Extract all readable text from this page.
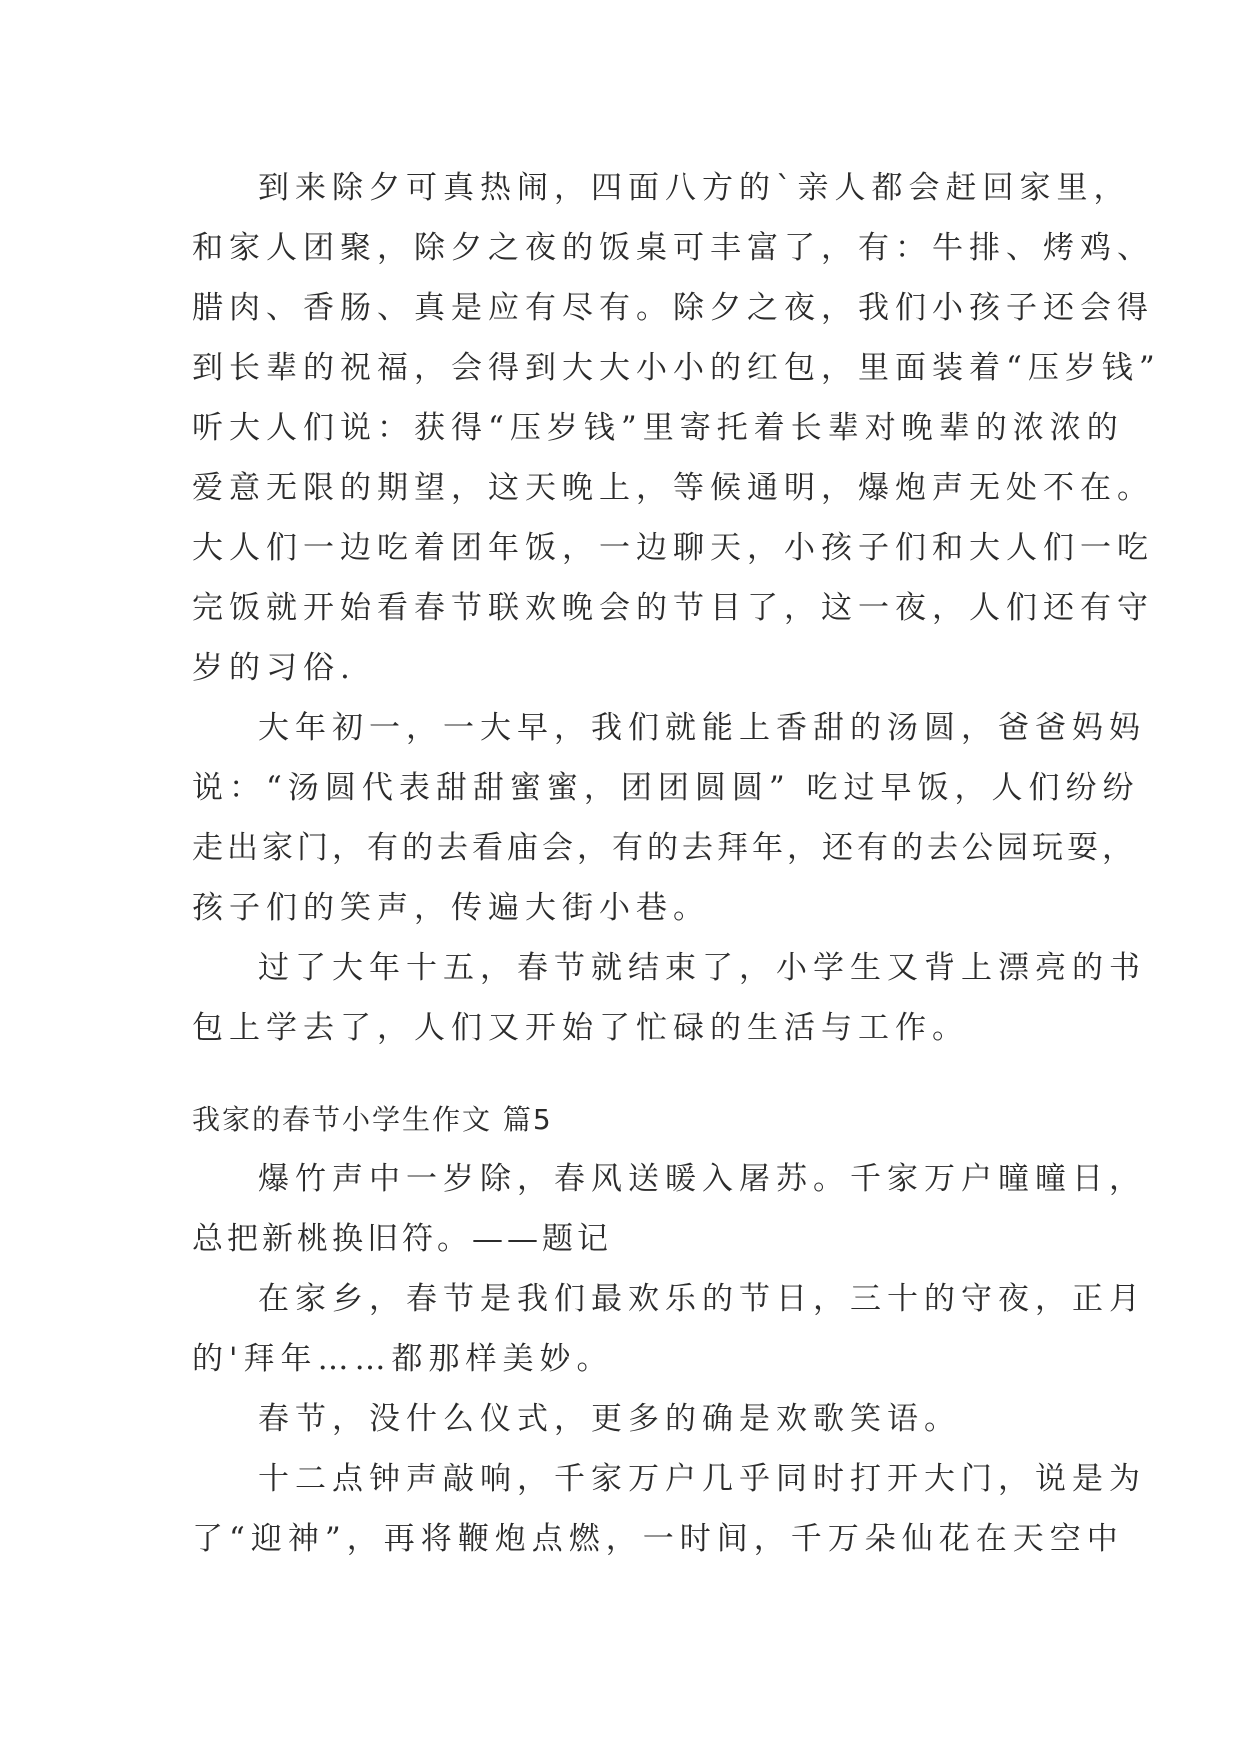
到来除夕可真热闹，四面八方的`亲人都会赶回家里，
和家人团聚，除夕之夜的饭桌可丰富了，有：牛排、烤鸡、
腊肉、香肠、真是应有尽有。除夕之夜，我们小孩子还会得
到长辈的祝福，会得到大大小小的红包，里面装着“压岁钱”
听大人们说：获得“压岁钱”里寄托着长辈对晚辈的浓浓的
爱意无限的期望，这天晚上，等候通明，爆炮声无处不在。
大人们一边吃着团年饭，一边聊天，小孩子们和大人们一吃
完饭就开始看春节联欢晚会的节目了，这一夜，人们还有守
岁的习俗.
大年初一，一大早，我们就能上香甜的汤圆，爸爸妈妈
说：“汤圆代表甜甜蜜蜜，团团圆圆” 吃过早饭，人们纷纷
走出家门，有的去看庙会，有的去拜年，还有的去公园玩耍，
孩子们的笑声，传遍大街小巷。
过了大年十五，春节就结束了，小学生又背上漂亮的书
包上学去了，人们又开始了忙碌的生活与工作。
我家的春节小学生作文 篇5
爆竹声中一岁除，春风送暖入屠苏。千家万户曈曈日，
总把新桃换旧符。——题记
在家乡，春节是我们最欢乐的节日，三十的守夜，正月
的'拜年……都那样美妙。
春节，没什么仪式，更多的确是欢歌笑语。
十二点钟声敲响，千家万户几乎同时打开大门，说是为
了“迎神”，再将鞭炮点燃，一时间，千万朵仙花在天空中
